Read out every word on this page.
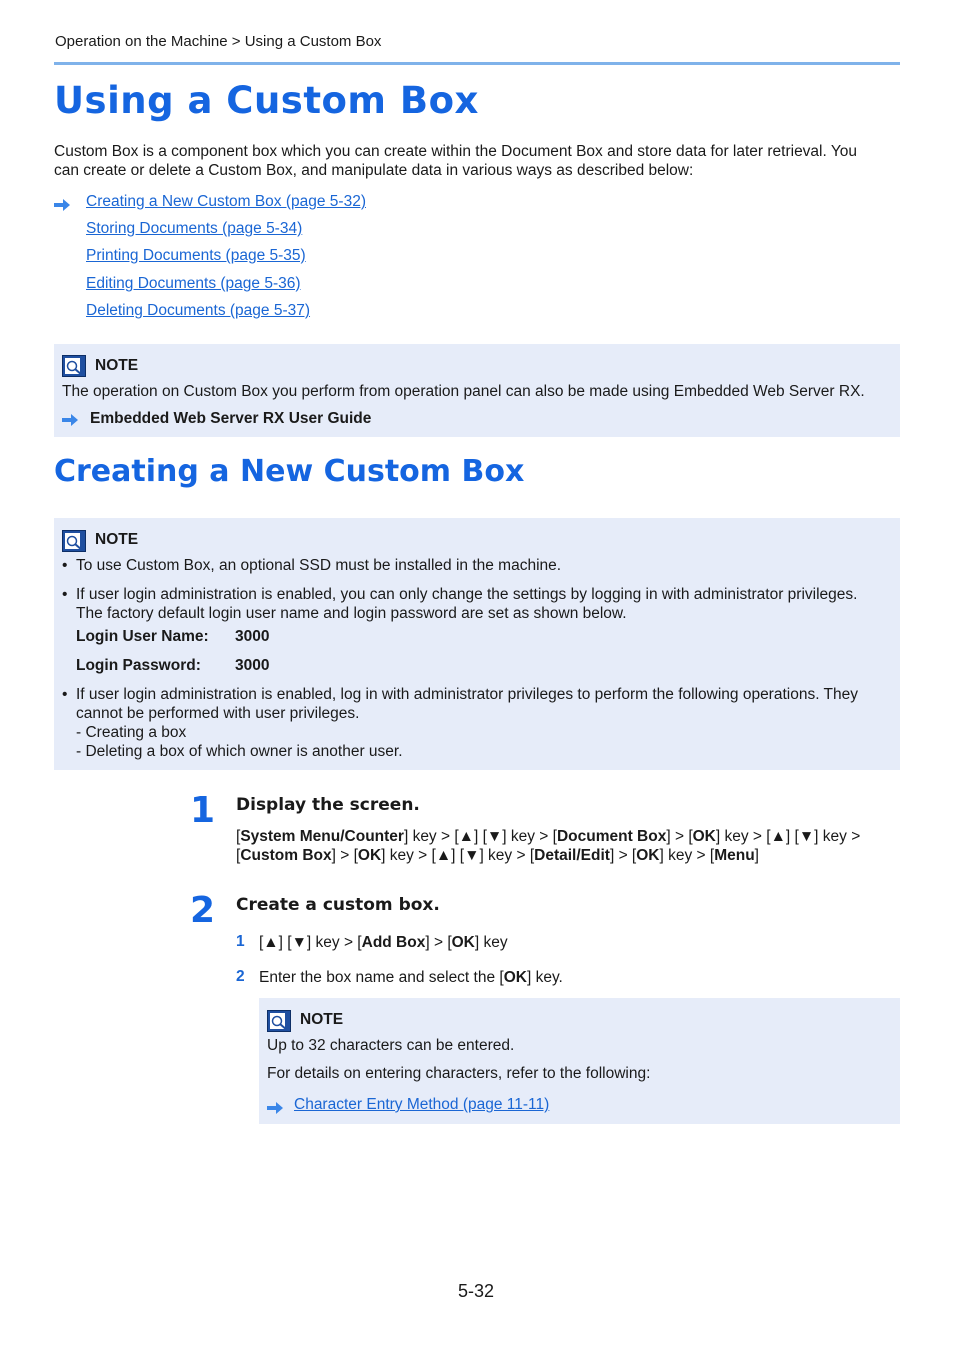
Operation on the Machine > Using a Custom Box
Using a Custom Box
Custom Box is a component box which you can create within the Document Box and store data for later retrieval. You
can create or delete a Custom Box, and manipulate data in various ways as described below:
Creating a New Custom Box (page 5-32)
Storing Documents (page 5-34)
Printing Documents (page 5-35)
Editing Documents (page 5-36)
Deleting Documents (page 5-37)
NOTE
The operation on Custom Box you perform from operation panel can also be made using Embedded Web Server RX.
Embedded Web Server RX User Guide
Creating a New Custom Box
NOTE
• To use Custom Box, an optional SSD must be installed in the machine.
• If user login administration is enabled, you can only change the settings by logging in with administrator privileges.
The factory default login user name and login password are set as shown below.
Login User Name: 3000
Login Password: 3000
• If user login administration is enabled, log in with administrator privileges to perform the following operations. They
cannot be performed with user privileges.
- Creating a box
- Deleting a box of which owner is another user.
1 Display the screen.
[System Menu/Counter] key > [▲] [▼] key > [Document Box] > [OK] key > [▲] [▼] key >
[Custom Box] > [OK] key > [▲] [▼] key > [Detail/Edit] > [OK] key > [Menu]
2 Create a custom box.
1 [▲] [▼] key > [Add Box] > [OK] key
2 Enter the box name and select the [OK] key.
NOTE
Up to 32 characters can be entered.
For details on entering characters, refer to the following:
Character Entry Method (page 11-11)
5-32
